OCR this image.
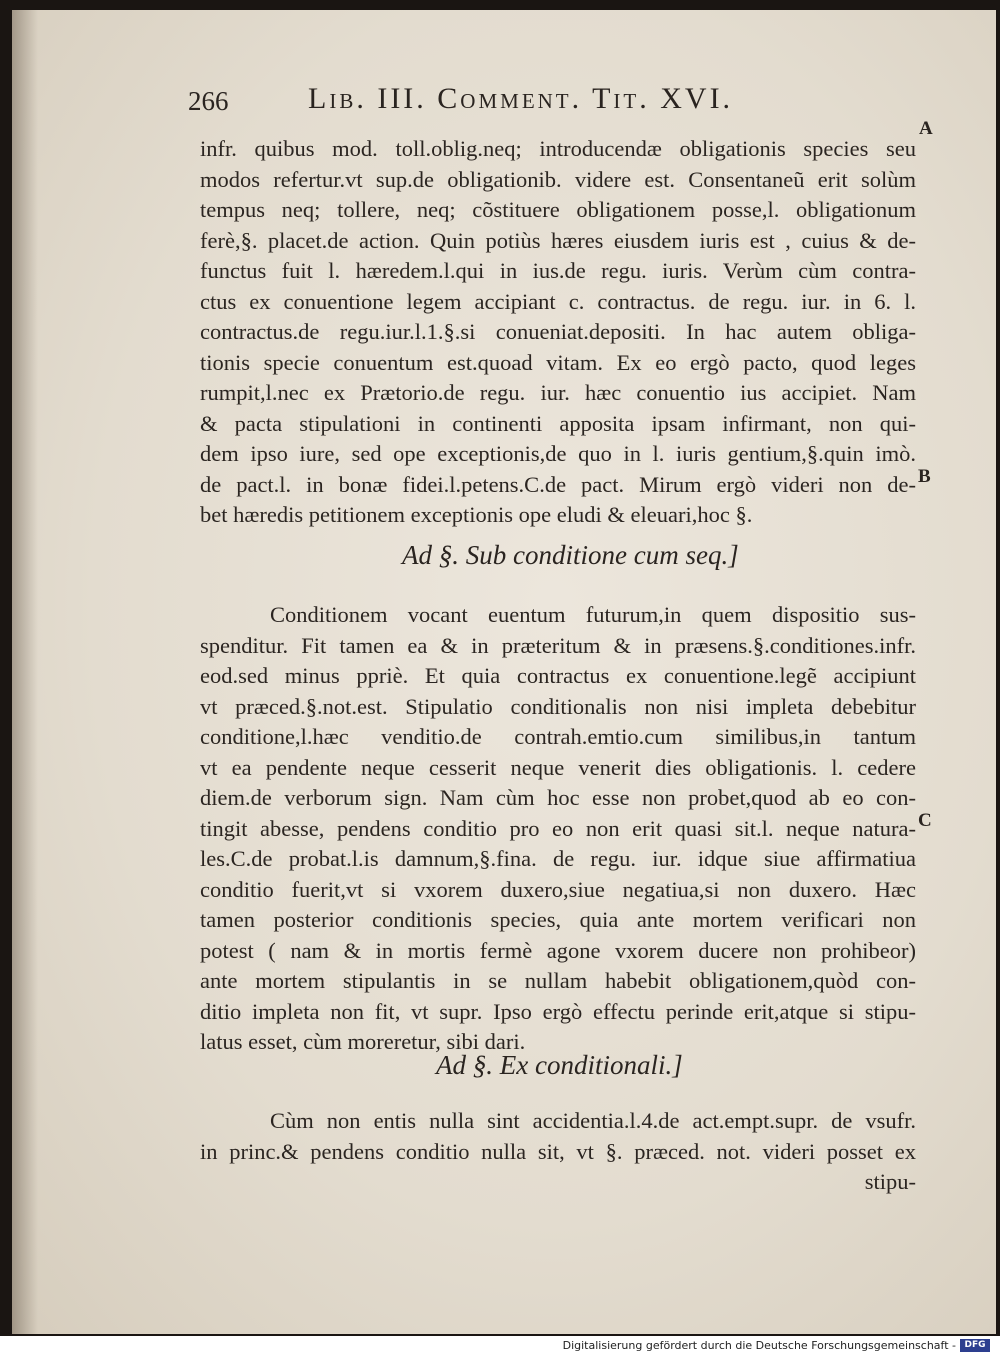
266	Lib. III. Comment. Tit. XVI.
A
B
C
infr. quibus mod. toll.oblig.neq; introducendæ obligationis species seu
modos refertur.vt sup.de obligationib. videre est. Consentaneũ erit solùm
tempus neq; tollere, neq; cõstituere obligationem posse,l. obligationum
ferè,§. placet.de action. Quin potiùs hæres eiusdem iuris est , cuius & de-
functus fuit l. hæredem.l.qui in ius.de regu. iuris. Verùm cùm contra-
ctus ex conuentione legem accipiant c. contractus. de regu. iur. in 6. l.
contractus.de regu.iur.l.1.§.si conueniat.depositi. In hac autem obliga-
tionis specie conuentum est.quoad vitam. Ex eo ergò pacto, quod leges
rumpit,l.nec ex Prætorio.de regu. iur. hæc conuentio ius accipiet. Nam
& pacta stipulationi in continenti apposita ipsam infirmant, non qui-
dem ipso iure, sed ope exceptionis,de quo in l. iuris gentium,§.quin imò.
de pact.l. in bonæ fidei.l.petens.C.de pact. Mirum ergò videri non de-
bet hæredis petitionem exceptionis ope eludi & eleuari,hoc §.
Ad §. Sub conditione cum seq.]
Conditionem vocant euentum futurum,in quem dispositio sus-
spenditur. Fit tamen ea & in præteritum & in præsens.§.conditiones.infr.
eod.sed minus ppriè. Et quia contractus ex conuentione.legẽ accipiunt
vt præced.§.not.est. Stipulatio conditionalis non nisi impleta debebitur
conditione,l.hæc venditio.de contrah.emtio.cum similibus,in tantum
vt ea pendente neque cesserit neque venerit dies obligationis. l. cedere
diem.de verborum sign. Nam cùm hoc esse non probet,quod ab eo con-
tingit abesse, pendens conditio pro eo non erit quasi sit.l. neque natura-
les.C.de probat.l.is damnum,§.fina. de regu. iur. idque siue affirmatiua
conditio fuerit,vt si vxorem duxero,siue negatiua,si non duxero. Hæc
tamen posterior conditionis species, quia ante mortem verificari non
potest ( nam & in mortis fermè agone vxorem ducere non prohibeor)
ante mortem stipulantis in se nullam habebit obligationem,quòd con-
ditio impleta non fit, vt supr. Ipso ergò effectu perinde erit,atque si stipu-
latus esset, cùm moreretur, sibi dari.
Ad §. Ex conditionali.]
Cùm non entis nulla sint accidentia.l.4.de act.empt.supr. de vsufr.
in princ.& pendens conditio nulla sit, vt §. præced. not. videri posset ex
stipu-
Digitalisierung gefördert durch die Deutsche Forschungsgemeinschaft - DFG
